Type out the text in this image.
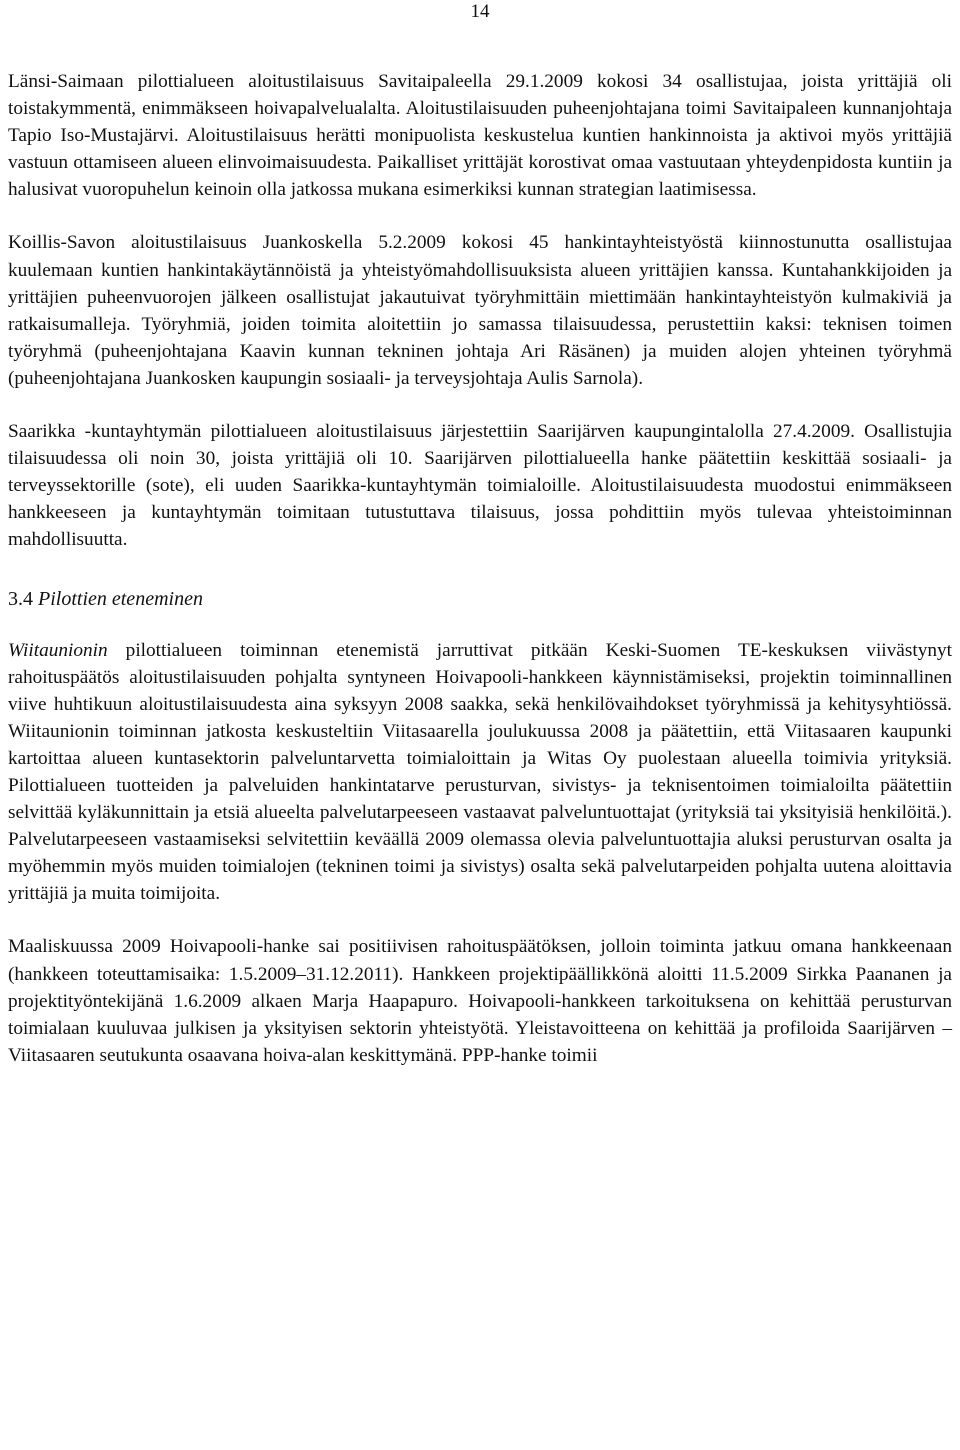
14

Länsi-Saimaan pilottialueen aloitustilaisuus Savitaipaleella 29.1.2009 kokosi 34 osallistujaa, joista yrittäjiä oli toistakymmentä, enimmäkseen hoivapalvelualalta. Aloitustilaisuuden puheenjohtajana toimi Savitaipaleen kunnanjohtaja Tapio Iso-Mustajärvi. Aloitustilaisuus herätti monipuolista keskustelua kuntien hankinnoista ja aktivoi myös yrittäjiä vastuun ottamiseen alueen elinvoimaisuudesta. Paikalliset yrittäjät korostivat omaa vastuutaan yhteydenpidosta kuntiin ja halusivat vuoropuhelun keinoin olla jatkossa mukana esimerkiksi kunnan strategian laatimisessa.

Koillis-Savon aloitustilaisuus Juankoskella 5.2.2009 kokosi 45 hankintayhteistyöstä kiinnostunutta osallistujaa kuulemaan kuntien hankintakäytännöistä ja yhteistyömahdollisuuksista alueen yrittäjien kanssa. Kuntahankkijoiden ja yrittäjien puheenvuorojen jälkeen osallistujat jakautuivat työryhmittäin miettimään hankintayhteistyön kulmakiviä ja ratkaisumalleja. Työryhmiä, joiden toimita aloitettiin jo samassa tilaisuudessa, perustettiin kaksi: teknisen toimen työryhmä (puheenjohtajana Kaavin kunnan tekninen johtaja Ari Räsänen) ja muiden alojen yhteinen työryhmä (puheenjohtajana Juankosken kaupungin sosiaali- ja terveysjohtaja Aulis Sarnola).

Saarikka -kuntayhtymän pilottialueen aloitustilaisuus järjestettiin Saarijärven kaupungintalolla 27.4.2009. Osallistujia tilaisuudessa oli noin 30, joista yrittäjiä oli 10. Saarijärven pilottialueella hanke päätettiin keskittää sosiaali- ja terveyssektorille (sote), eli uuden Saarikka-kuntayhtymän toimialoille. Aloitustilaisuudesta muodostui enimmäkseen hankkeeseen ja kuntayhtymän toimitaan tutustuttava tilaisuus, jossa pohdittiin myös tulevaa yhteistoiminnan mahdollisuutta.

3.4 Pilottien eteneminen

Wiitaunionin pilottialueen toiminnan etenemistä jarruttivat pitkään Keski-Suomen TE-keskuksen viivästynyt rahoituspäätös aloitustilaisuuden pohjalta syntyneen Hoivapooli-hankkeen käynnistämiseksi, projektin toiminnallinen viive huhtikuun aloitustilaisuudesta aina syksyyn 2008 saakka, sekä henkilövaihdokset työryhmissä ja kehitysyhtiössä. Wiitaunionin toiminnan jatkosta keskusteltiin Viitasaarella joulukuussa 2008 ja päätettiin, että Viitasaaren kaupunki kartoittaa alueen kuntasektorin palveluntarvetta toimialoittain ja Witas Oy puolestaan alueella toimivia yrityksiä. Pilottialueen tuotteiden ja palveluiden hankintatarve perusturvan, sivistys- ja teknisentoimen toimialoilta päätettiin selvittää kyläkunnittain ja etsiä alueelta palvelutarpeeseen vastaavat palveluntuottajat (yrityksiä tai yksityisiä henkilöitä.). Palvelutarpeeseen vastaamiseksi selvitettiin keväällä 2009 olemassa olevia palveluntuottajia aluksi perusturvan osalta ja myöhemmin myös muiden toimialojen (tekninen toimi ja sivistys) osalta sekä palvelutarpeiden pohjalta uutena aloittavia yrittäjiä ja muita toimijoita.

Maaliskuussa 2009 Hoivapooli-hanke sai positiivisen rahoituspäätöksen, jolloin toiminta jatkuu omana hankkeenaan (hankkeen toteuttamisaika: 1.5.2009–31.12.2011). Hankkeen projektipäällikkönä aloitti 11.5.2009 Sirkka Paananen ja projektityöntekijänä 1.6.2009 alkaen Marja Haapapuro. Hoivapooli-hankkeen tarkoituksena on kehittää perusturvan toimialaan kuuluvaa julkisen ja yksityisen sektorin yhteistyötä. Yleistavoitteena on kehittää ja profiloida Saarijärven – Viitasaaren seutukunta osaavana hoiva-alan keskittymänä. PPP-hanke toimii
